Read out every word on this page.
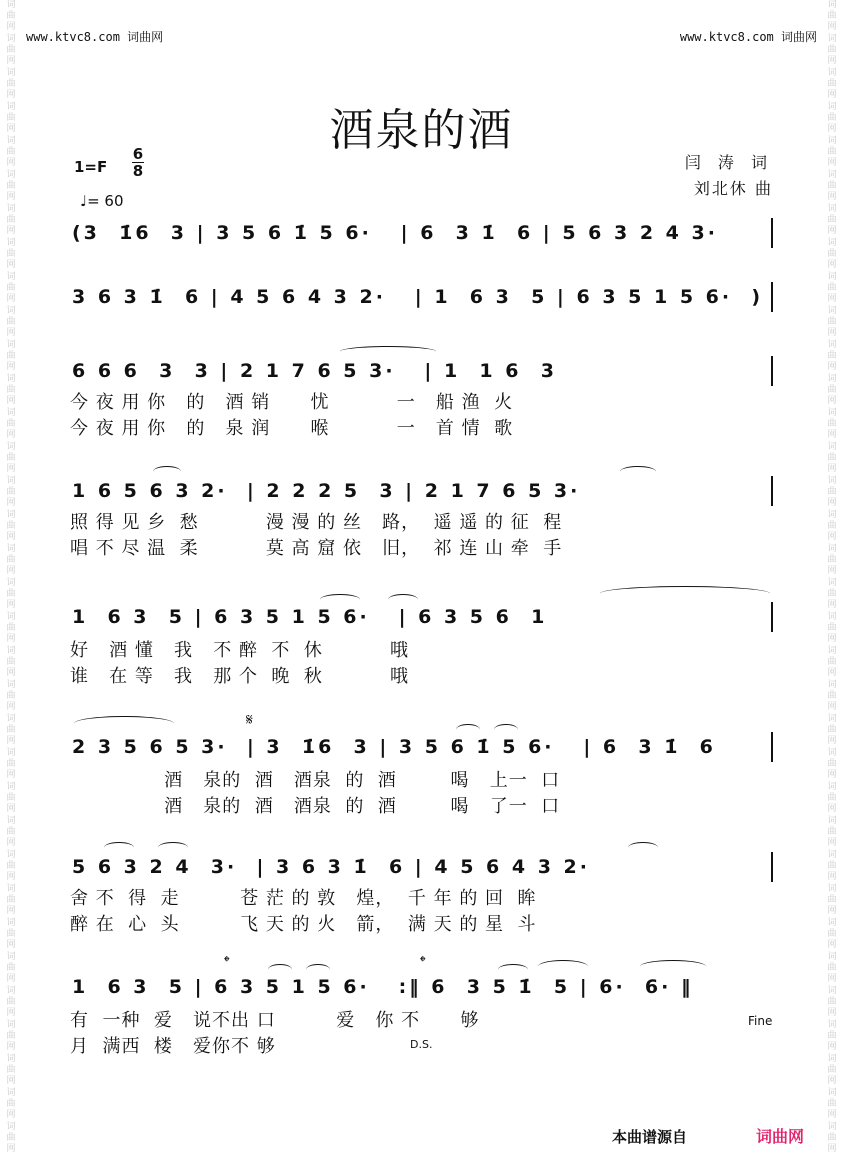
词
曲
网
词
曲
网
词
曲
网
词
曲
网
词
曲
网
词
曲
网
词
曲
网
词
曲
网
词
曲
网
词
曲
网
词
曲
网
词
曲
网
词
曲
网
词
曲
网
词
曲
网
词
曲
网
词
曲
网
词
曲
网
词
曲
网
词
曲
网
词
曲
网
词
曲
网
词
曲
网
词
曲
网
词
曲
网
词
曲
网
词
曲
网
词
曲
网
词
曲
网
词
曲
网
词
曲
网
词
曲
网
词
曲
网
词
曲
网
词
曲
网
词
曲
网
词
曲
网
词
曲
网
词
曲
网
词
曲
网
词
曲
网
词
曲
网
词
曲
网
词
曲
网
词
曲
网
词
曲
网
词
曲
网
词
曲
网
词
曲
网
词
曲
网
词
曲
网
词
曲
网
词
曲
网
词
曲
网
词
曲
网
词
曲
网
词
曲
网
词
曲
网
词
曲
网
词
曲
网
词
曲
网
词
曲
网
词
曲
网
词
曲
网
词
曲
网
词
曲
网
词
曲
网
词
曲
网
www.ktvc8.com 词曲网	www.ktvc8.com 词曲网
酒泉的酒
1=F
6
8
♩= 60
闫 涛 词
刘北休 曲
(3  1̇6  3 | 3 5 6 1̇ 5 6·   | 6  3 1̇  6 | 5 6 3 2 4 3·
3 6 3 1̇  6 | 4 5 6 4 3 2·   | 1  6 3  5 | 6 3 5 1 5 6·  )
6 6 6  3  3 | 2 1 7 6 5 3·   | 1  1 6  3
1 6 5 6 3 2·  | 2 2 2 5  3 | 2 1 7 6 5 3·
1  6 3  5 | 6 3 5 1 5 6·   | 6 3 5 6  1
2 3 5 6 5 3·  | 3  1̇6  3 | 3 5 6 1̇ 5 6·   | 6  3 1̇  6
5 6 3 2 4  3·  | 3 6 3 1̇  6 | 4 5 6 4 3 2·
1  6 3  5 | 6 3 5 1 5 6·   :‖ 6  3 5 1̇  5 | 6·  6· ‖
今 夜 用 你   的   酒 销      忧          一   船 渔  火
今 夜 用 你   的   泉 润      喉          一   首 情  歌
照 得 见 乡  愁          漫 漫 的 丝   路，  遥 遥 的 征  程
唱 不 尽 温  柔          莫 高 窟 依   旧，  祁 连 山 牵  手
好   酒 懂   我   不 醉  不  休          哦
谁   在 等   我   那 个  晚  秋          哦
酒   泉的  酒   酒泉  的  酒        喝   上一  口
酒   泉的  酒   酒泉  的  酒        喝   了一  口
舍 不  得  走         苍 茫 的 敦   煌，  千 年 的 回  眸
醉 在  心  头         飞 天 的 火   箭，  满 天 的 星  斗
有  一种  爱   说不出 口         爱   你 不      够
月  满西  楼   爱你不 够
𝄋
𝄌	𝄌
D.S.
Fine
本曲谱源自	词曲网
